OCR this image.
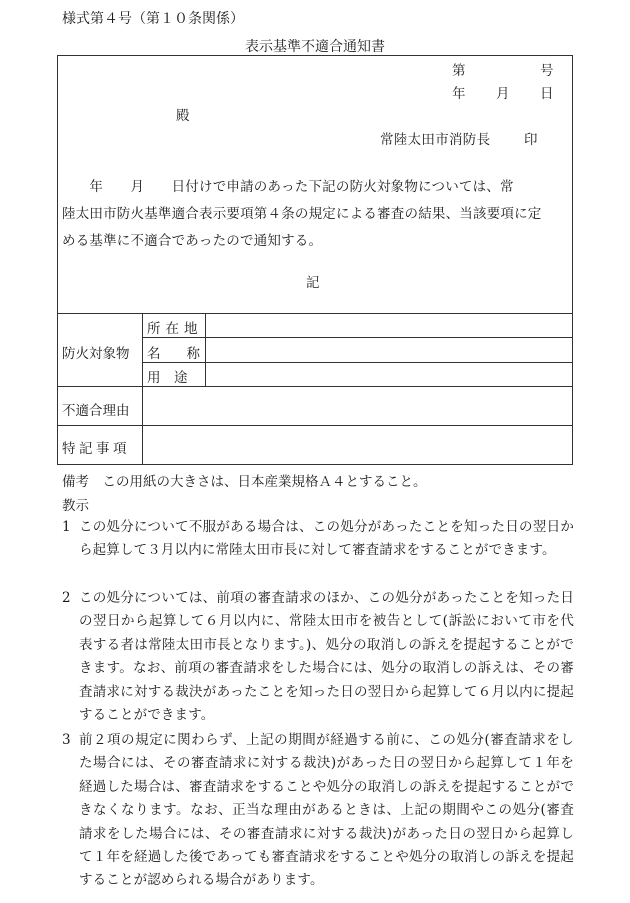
様式第４号（第１０条関係）
表示基準不適合通知書
第	号
年 月 日
殿
常陸太田市消防長 印

　　年　　月　　日付けで申請のあった下記の防火対象物については、常

陸太田市防火基準適合表示要項第４条の規定による審査の結果、当該要項に定

める基準に不適合であったので通知する。

記
防火対象物
所在地
名 称
用　途
不適合理由
特記事項
備考　この用紙の大きさは、日本産業規格Ａ４とすること。
教示
1 この処分について不服がある場合は、この処分があったことを知った日の翌日から起算して３月以内に常陸太田市長に対して審査請求をすることができます。
2 この処分については、前項の審査請求のほか、この処分があったことを知った日の翌日から起算して６月以内に、常陸太田市を被告として(訴訟において市を代表する者は常陸太田市長となります。)、処分の取消しの訴えを提起することができます。なお、前項の審査請求をした場合には、処分の取消しの訴えは、その審査請求に対する裁決があったことを知った日の翌日から起算して６月以内に提起することができます。
3 前２項の規定に関わらず、上記の期間が経過する前に、この処分(審査請求をした場合には、その審査請求に対する裁決)があった日の翌日から起算して１年を経過した場合は、審査請求をすることや処分の取消しの訴えを提起することができなくなります。なお、正当な理由があるときは、上記の期間やこの処分(審査請求をした場合には、その審査請求に対する裁決)があった日の翌日から起算して１年を経過した後であっても審査請求をすることや処分の取消しの訴えを提起することが認められる場合があります。
